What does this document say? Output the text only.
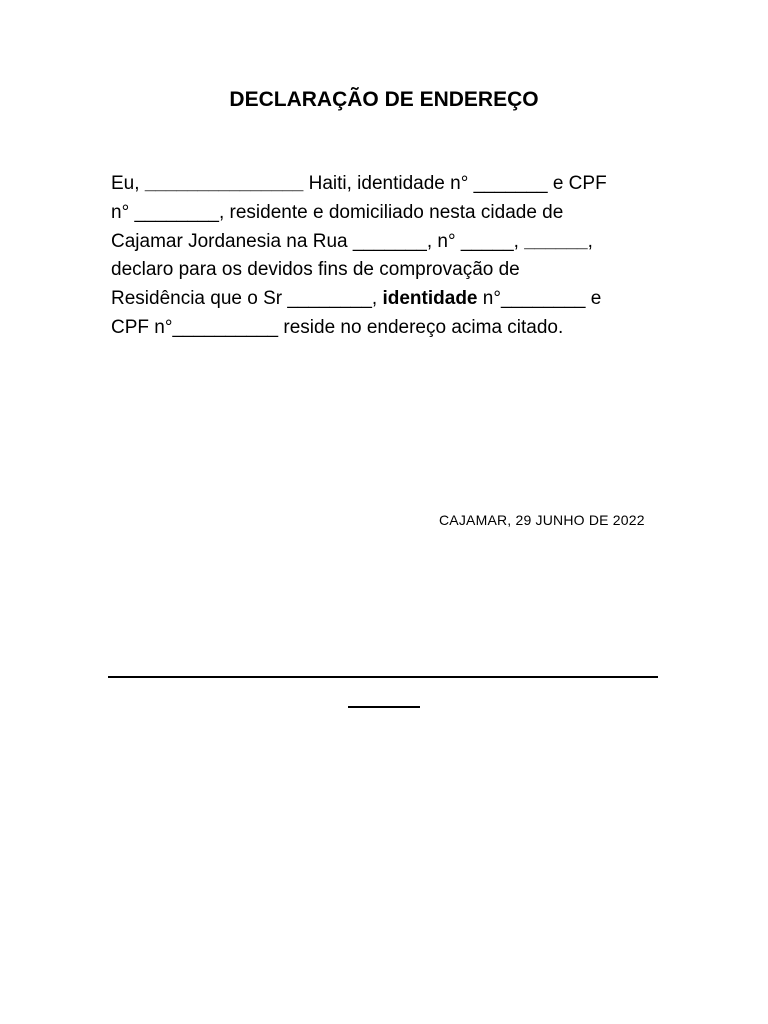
DECLARAÇÃO DE ENDEREÇO
Eu, _______________ Haiti, identidade n° _______ e CPF
n° ________, residente e domiciliado nesta cidade de
Cajamar Jordanesia na Rua _______, n° _____, ______,
declaro para os devidos fins de comprovação de
Residência que o Sr ________, identidade n°________ e
CPF n°__________ reside no endereço acima citado.
CAJAMAR, 29 JUNHO DE 2022
